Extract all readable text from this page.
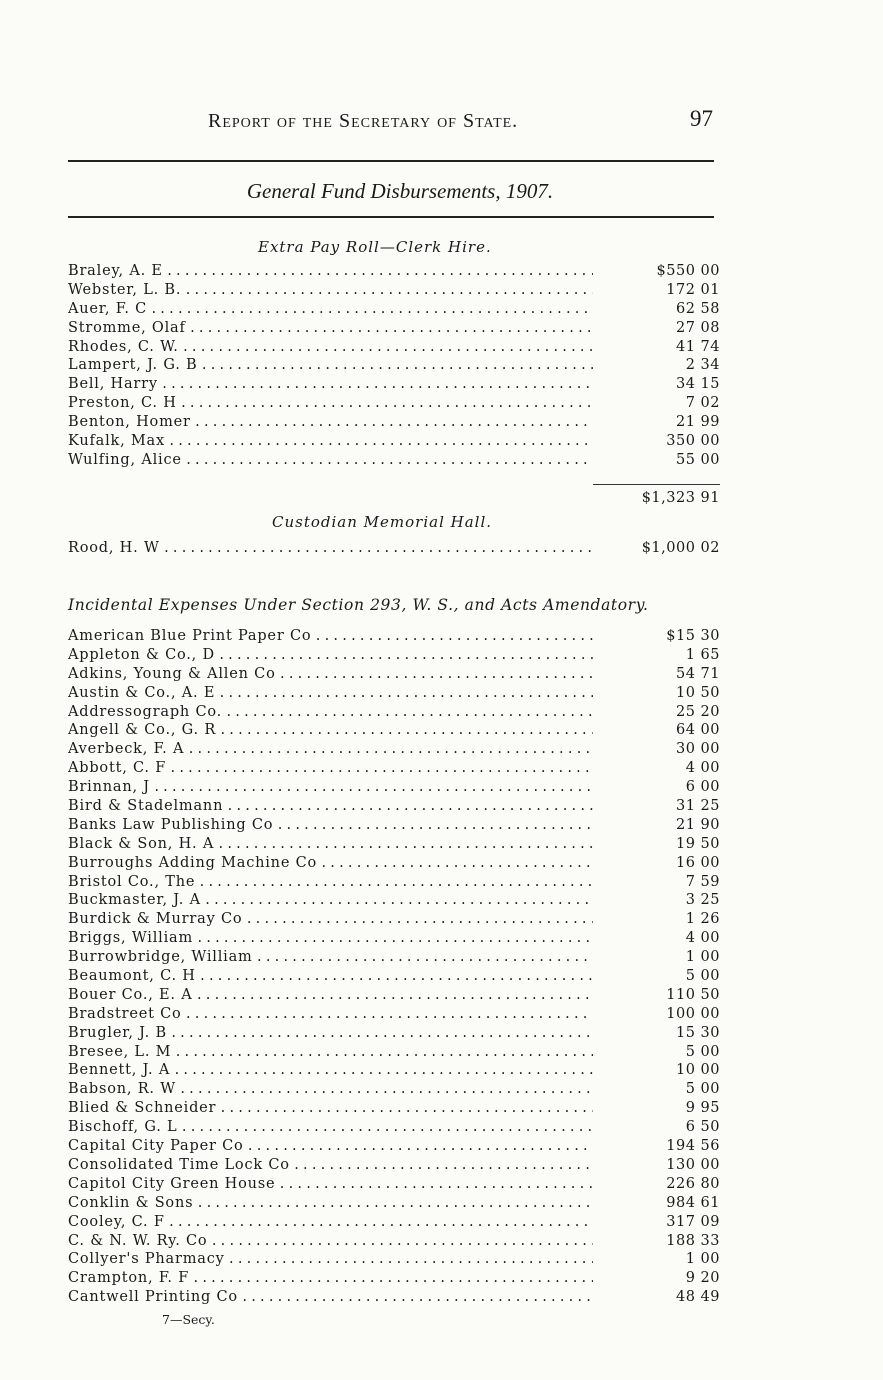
Report of the Secretary of State.	97
General Fund Disbursements, 1907.
Extra Pay Roll—Clerk Hire.
Braley, A. E . . .	$550 00
Webster, L. B. . . .	172 01
Auer, F. C . . .	62 58
Stromme, Olaf . . .	27 08
Rhodes, C. W. . . .	41 74
Lampert, J. G. B . . .	2 34
Bell, Harry . . .	34 15
Preston, C. H . . .	7 02
Benton, Homer . . .	21 99
Kufalk, Max . . .	350 00
Wulfing, Alice . . .	55 00
$1,323 91
Custodian Memorial Hall.
Rood, H. W . . .	$1,000 02
Incidental Expenses Under Section 293, W. S., and Acts Amendatory.
American Blue Print Paper Co . . .	$15 30
Appleton & Co., D . . .	1 65
Adkins, Young & Allen Co . . .	54 71
Austin & Co., A. E . . .	10 50
Addressograph Co. . . .	25 20
Angell & Co., G. R . . .	64 00
Averbeck, F. A . . .	30 00
Abbott, C. F . . .	4 00
Brinnan, J . . .	6 00
Bird & Stadelmann . . .	31 25
Banks Law Publishing Co . . .	21 90
Black & Son, H. A . . .	19 50
Burroughs Adding Machine Co . . .	16 00
Bristol Co., The . . .	7 59
Buckmaster, J. A . . .	3 25
Burdick & Murray Co . . .	1 26
Briggs, William . . .	4 00
Burrowbridge, William . . .	1 00
Beaumont, C. H . . .	5 00
Bouer Co., E. A . . .	110 50
Bradstreet Co . . .	100 00
Brugler, J. B . . .	15 30
Bresee, L. M . . .	5 00
Bennett, J. A . . .	10 00
Babson, R. W . . .	5 00
Blied & Schneider . . .	9 95
Bischoff, G. L . . .	6 50
Capital City Paper Co . . .	194 56
Consolidated Time Lock Co . . .	130 00
Capitol City Green House . . .	226 80
Conklin & Sons . . .	984 61
Cooley, C. F . . .	317 09
C. & N. W. Ry. Co . . .	188 33
Collyer's Pharmacy . . .	1 00
Crampton, F. F . . .	9 20
Cantwell Printing Co . . .	48 49
7—Secy.
